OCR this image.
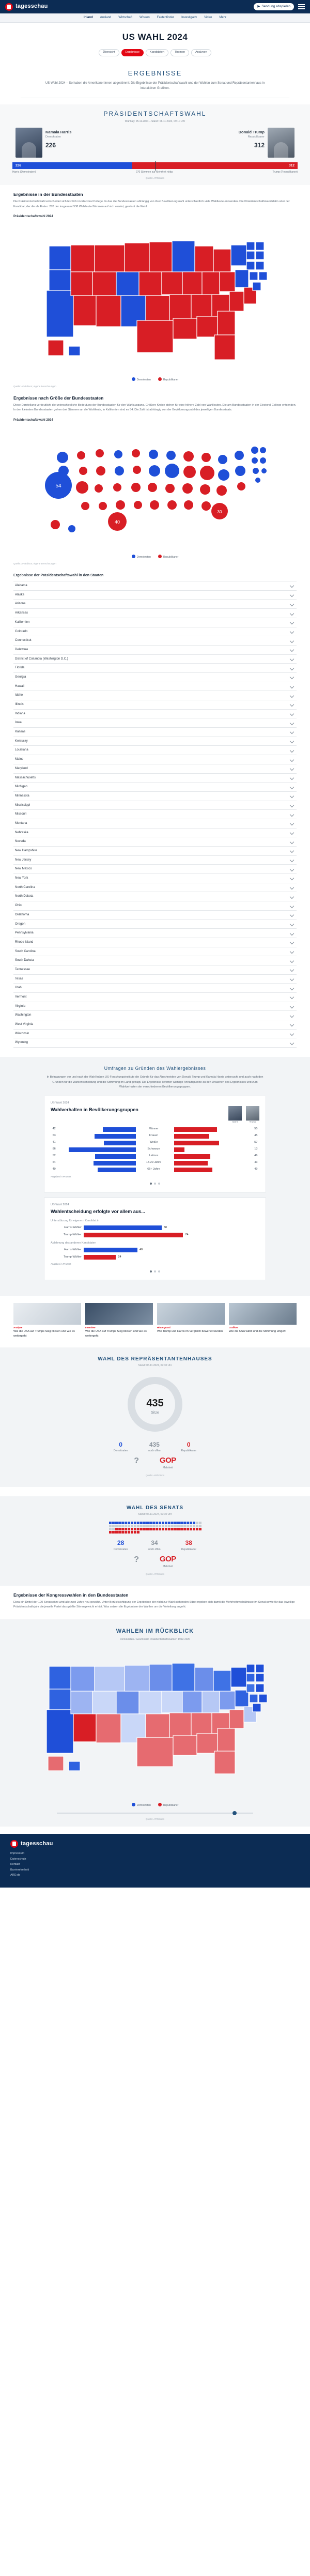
tagesschau	▶ Sendung abspielen
Inland Ausland Wirtschaft Wissen Faktenfinder Investigativ Video Mehr
US WAHL 2024
Übersicht	Ergebnisse	Kandidaten	Themen	Analysen
ERGEBNISSE

US-Wahl 2024 – So haben die Amerikaner:innen abgestimmt: Die Ergebnisse der Präsidentschaftswahl und der Wahlen zum Senat und Repräsentantenhaus in interaktiven Grafiken.

PRÄSIDENTSCHAFTSWAHL
Wahltag: 05.11.2024 – Stand: 06.11.2024, 09:10 Uhr
Kamala Harris
Demokraten
226
Donald Trump
Republikaner
312
226	312
Harris (Demokraten)	270 Stimmen zur Mehrheit nötig	Trump (Republikaner)
Quelle: AP/Edison
Ergebnisse in der Bundesstaaten

Die Präsidentschaftswahl entscheidet sich letztlich im Electoral College. In das die Bundesstaaten abhängig von ihrer Bevölkerungszahl unterschiedlich viele Wahlleute entsenden. Die Präsidentschaftskandidatin oder der Kandidat, der:die als Erste:r 270 der insgesamt 538 Wahlleute-Stimmen auf sich vereint, gewinnt die Wahl.

Präsidentschaftswahl 2024
Demokraten	Republikaner
Quelle: AP/Edison; eigene Berechnungen
Ergebnisse nach Größe der Bundesstaaten

Diese Darstellung verdeutlicht die unterschiedliche Bedeutung der Bundesstaaten für den Wahlausgang. Größere Kreise stehen für eine höhere Zahl von Wahlleuten. Die am Bundesstaaten in der Electoral College entsenden. In den kleinsten Bundesstaaten gehen drei Stimmen an die Wahlleute, in Kalifornien sind es 54. Die Zahl ist abhängig von der Bevölkerungszahl des jeweiligen Bundesstaats.

Präsidentschaftswahl 2024
54
40
30
Demokraten	Republikaner
Quelle: AP/Edison; eigene Berechnungen
Ergebnisse der Präsidentschaftswahl in den Staaten
Alabama
Alaska
Arizona
Arkansas
Kalifornien
Colorado
Connecticut
Delaware
District of Columbia (Washington D.C.)
Florida
Georgia
Hawaii
Idaho
Illinois
Indiana
Iowa
Kansas
Kentucky
Louisiana
Maine
Maryland
Massachusetts
Michigan
Minnesota
Mississippi
Missouri
Montana
Nebraska
Nevada
New Hampshire
New Jersey
New Mexico
New York
North Carolina
North Dakota
Ohio
Oklahoma
Oregon
Pennsylvania
Rhode Island
South Carolina
South Dakota
Tennessee
Texas
Utah
Vermont
Virginia
Washington
West Virginia
Wisconsin
Wyoming
Umfragen zu Gründen des Wahlergebnisses
In Befragungen vor und nach der Wahl haben US-Forschungsinstitute die Gründe für das Abschneiden von Donald Trump und Kamala Harris untersucht und auch nach den Gründen für die Wahlentscheidung und die Stimmung im Land gefragt. Die Ergebnisse lieferten wichtige Anhaltspunkte zu den Ursachen des Ergebnisses und zum Wahlverhalten der verschiedenen Bevölkerungsgruppen.
US-Wahl 2024
Wahlverhalten in Bevölkerungsgruppen
Harris	Trump
42	Männer	55
53	Frauen	45
41	Weiße	57
86	Schwarze	13
52	Latinos	46
54	18-29 Jahre	43
49	65+ Jahre	49
Angaben in Prozent
US-Wahl 2024
Wahlentscheidung erfolgte vor allem aus...
Unterstützung für eigene:n Kandidat:in
Harris-Wähler	58
Trump-Wähler	74
Ablehnung des anderen Kandidaten
Harris-Wähler	40
Trump-Wähler	24
Angaben in Prozent
Analyse
Wie die USA auf Trumps Sieg blicken und wie es weitergeht
Interview
Wie die USA auf Trumps Sieg blicken und wie es weitergeht
Hintergrund
Wie Trump und Harris im Vergleich bewertet wurden
Grafiken
Wie die USA wählt und die Stimmung umgeht
WAHL DES REPRÄSENTANTENHAUSES
Stand: 06.11.2024, 09:10 Uhr
435
Sitze
0
Demokraten
435
noch offen
0
Republikaner
?	GOP
Mehrheit
Quelle: AP/Edison
WAHL DES SENATS
Stand: 06.11.2024, 09:10 Uhr
28
Demokraten
34
noch offen
38
Republikaner
?	GOP
Mehrheit
Quelle: AP/Edison
Ergebnisse der Kongresswahlen in den Bundesstaaten

Etwa ein Drittel der 100 Senatssitze wird alle zwei Jahre neu gewählt. Unter Berücksichtigung der Ergebnisse der nicht zur Wahl stehenden Sitze ergeben sich damit die Mehrheitsverhältnisse im Senat sowie für das jeweilige Präsidentschaftsjahr die jeweils Partei das größte Stimmgewicht erhält. Was setzen die Ergebnisse der Wahlen um die Verteilung angeht.

WAHLEN IM RÜCKBLICK
Demokraten / Gewinnerin Präsidentschaftswahlen 1992-2020
Demokraten	Republikaner
Quelle: AP/Edison
tagesschau
Impressum
Datenschutz
Kontakt
Barrierefreiheit
ARD.de
